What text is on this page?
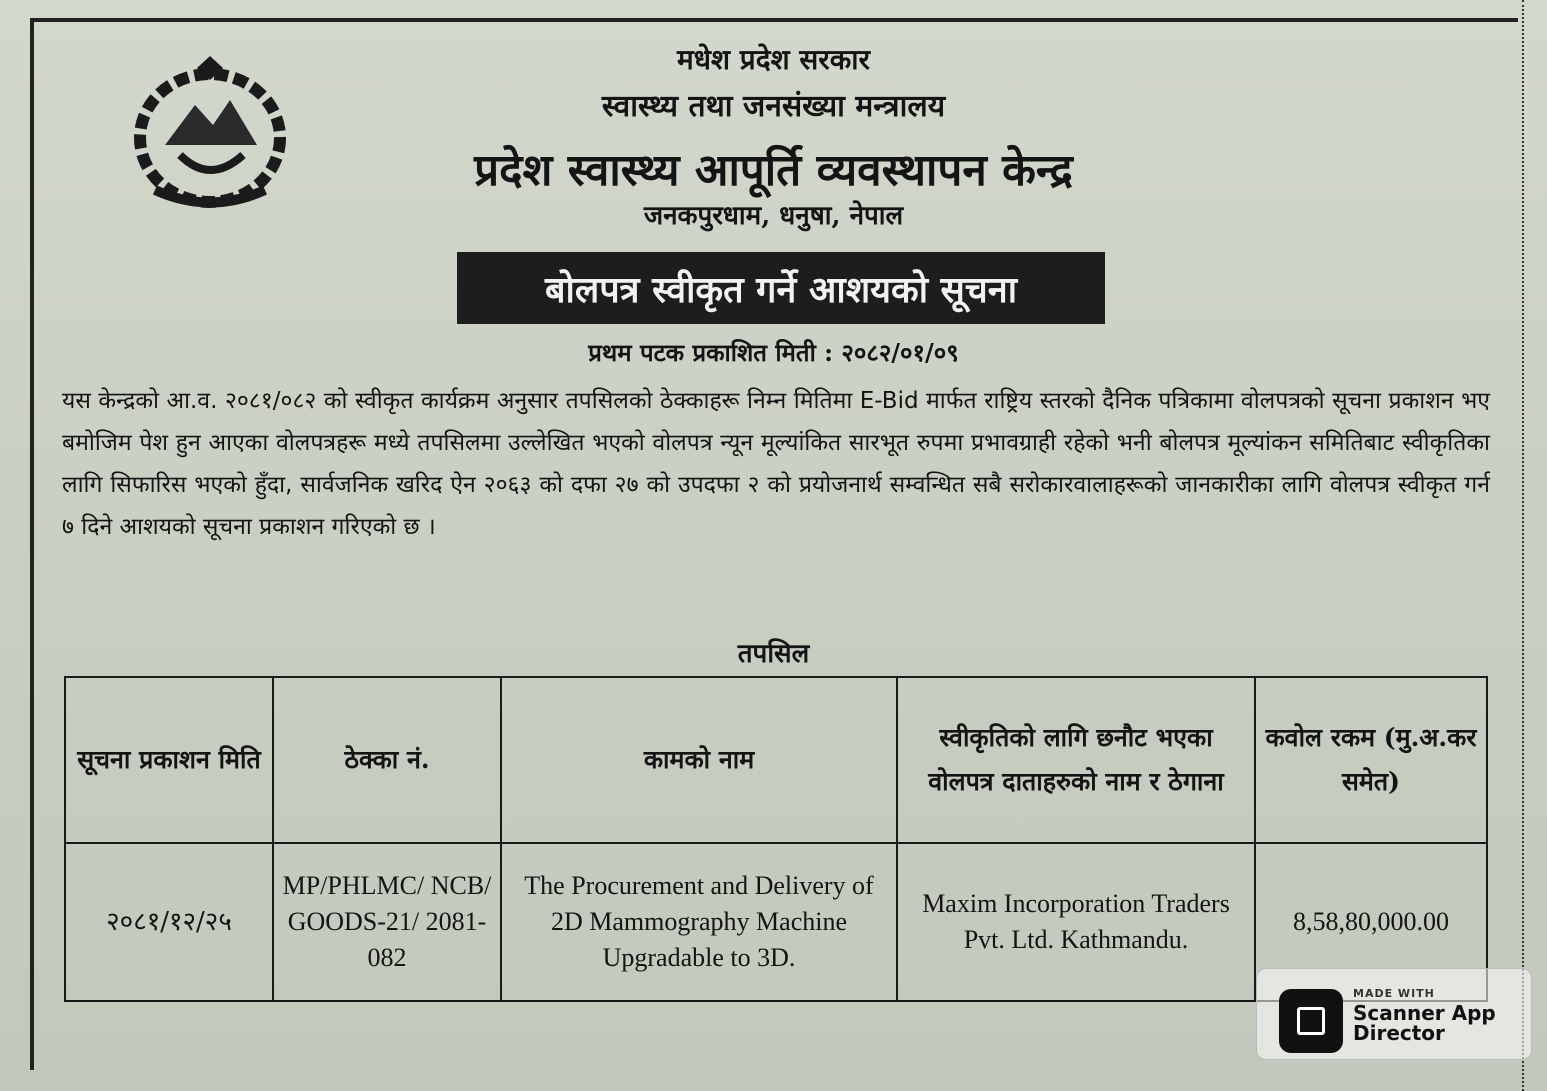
मधेश प्रदेश सरकार
स्वास्थ्य तथा जनसंख्या मन्त्रालय
प्रदेश स्वास्थ्य आपूर्ति व्यवस्थापन केन्द्र
जनकपुरधाम, धनुषा, नेपाल
बोलपत्र स्वीकृत गर्ने आशयको सूचना
प्रथम पटक प्रकाशित मिती : २०८२/०१/०९
यस केन्द्रको आ.व. २०८१/०८२ को स्वीकृत कार्यक्रम अनुसार तपसिलको ठेक्काहरू निम्न मितिमा E-Bid मार्फत राष्ट्रिय स्तरको दैनिक पत्रिकामा वोलपत्रको सूचना प्रकाशन भए बमोजिम पेश हुन आएका वोलपत्रहरू मध्ये तपसिलमा उल्लेखित भएको वोलपत्र न्यून मूल्यांकित सारभूत रुपमा प्रभावग्राही रहेको भनी बोलपत्र मूल्यांकन समितिबाट स्वीकृतिका लागि सिफारिस भएको हुँदा, सार्वजनिक खरिद ऐन २०६३ को दफा २७ को उपदफा २ को प्रयोजनार्थ सम्वन्धित सबै सरोकारवालाहरूको जानकारीका लागि वोलपत्र स्वीकृत गर्न ७ दिने आशयको सूचना प्रकाशन गरिएको छ ।
तपसिल
सूचना प्रकाशन मिति	ठेक्का नं.	कामको नाम	स्वीकृतिको लागि छनौट भएका वोलपत्र दाताहरुको नाम र ठेगाना	कवोल रकम (मु.अ.कर समेत)
२०८१/१२/२५	MP/PHLMC/ NCB/ GOODS-21/ 2081-082	The Procurement and Delivery of 2D Mammography Machine Upgradable to 3D.	Maxim Incorporation Traders Pvt. Ltd. Kathmandu.	8,58,80,000.00
MADE WITH
Scanner App Director
